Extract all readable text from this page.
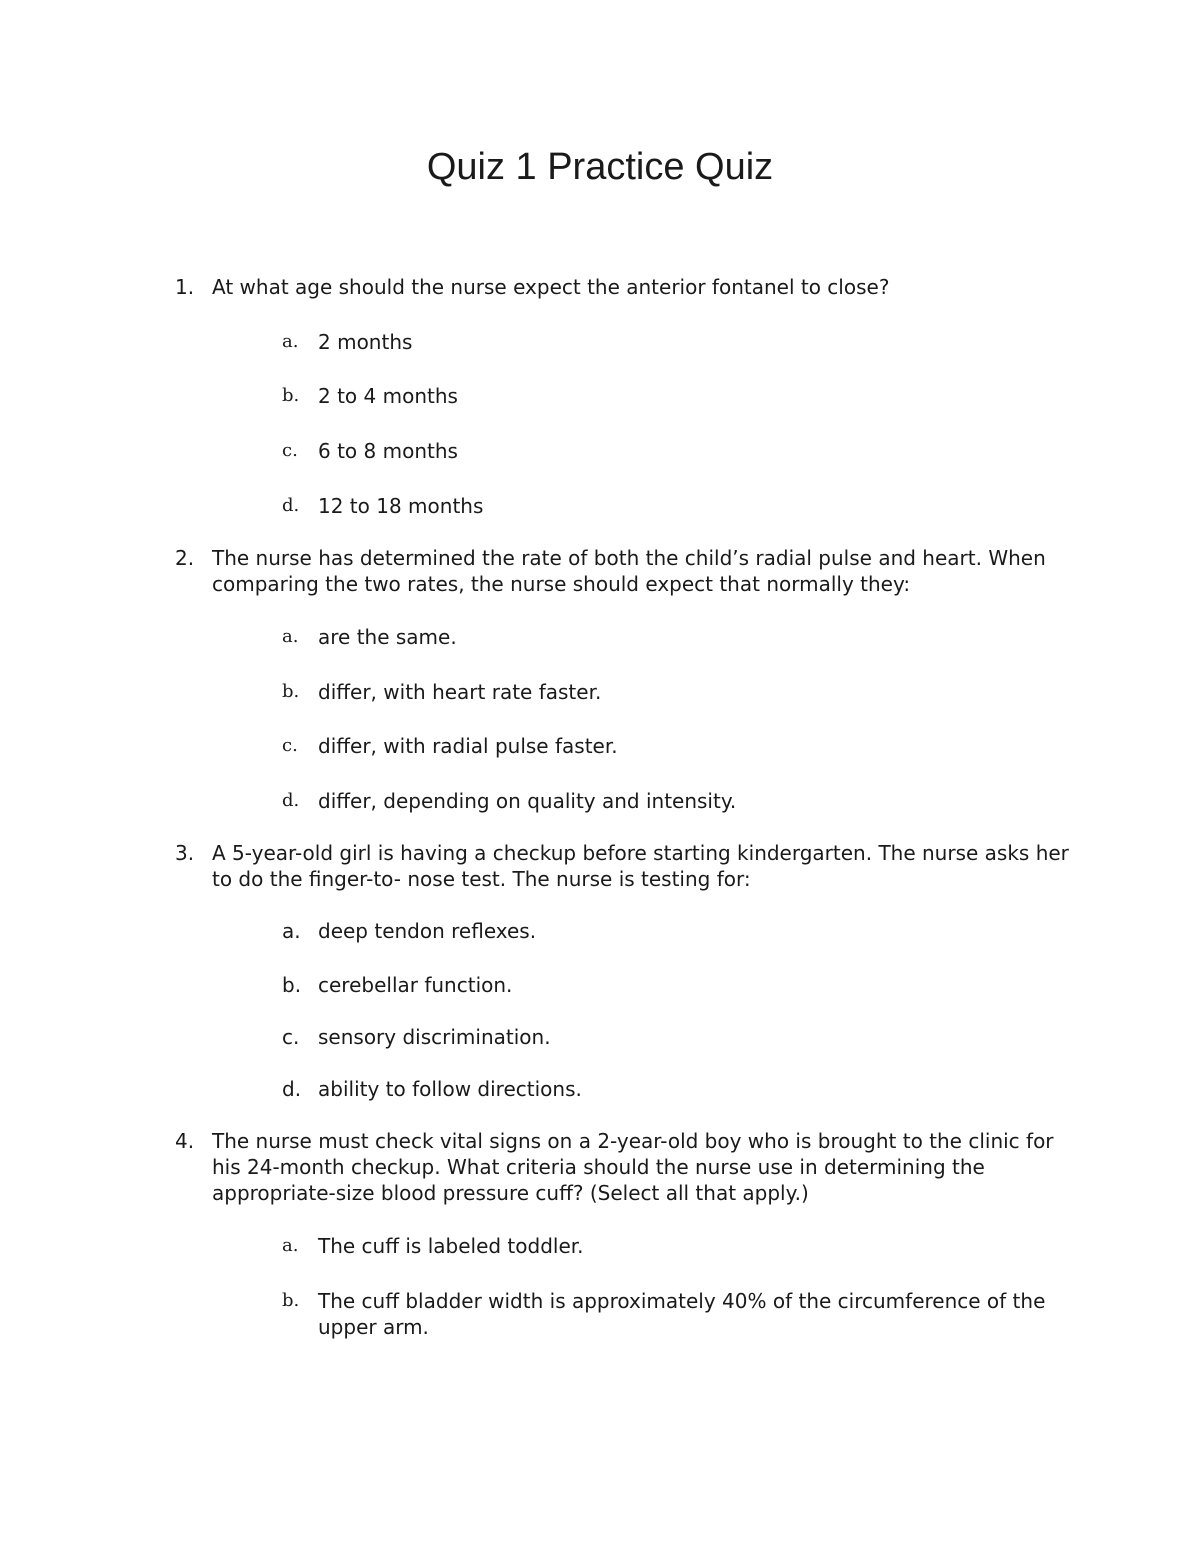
Quiz 1 Practice Quiz
1. At what age should the nurse expect the anterior fontanel to close?
a. 2 months
b. 2 to 4 months
c. 6 to 8 months
d. 12 to 18 months
2. The nurse has determined the rate of both the child’s radial pulse and heart. When comparing the two rates, the nurse should expect that normally they:
a. are the same.
b. differ, with heart rate faster.
c. differ, with radial pulse faster.
d. differ, depending on quality and intensity.
3. A 5-year-old girl is having a checkup before starting kindergarten. The nurse asks her to do the finger-to- nose test. The nurse is testing for:
a. deep tendon reflexes.
b. cerebellar function.
c. sensory discrimination.
d. ability to follow directions.
4. The nurse must check vital signs on a 2-year-old boy who is brought to the clinic for his 24-month checkup. What criteria should the nurse use in determining the appropriate-size blood pressure cuff? (Select all that apply.)
a. The cuff is labeled toddler.
b. The cuff bladder width is approximately 40% of the circumference of the upper arm.
